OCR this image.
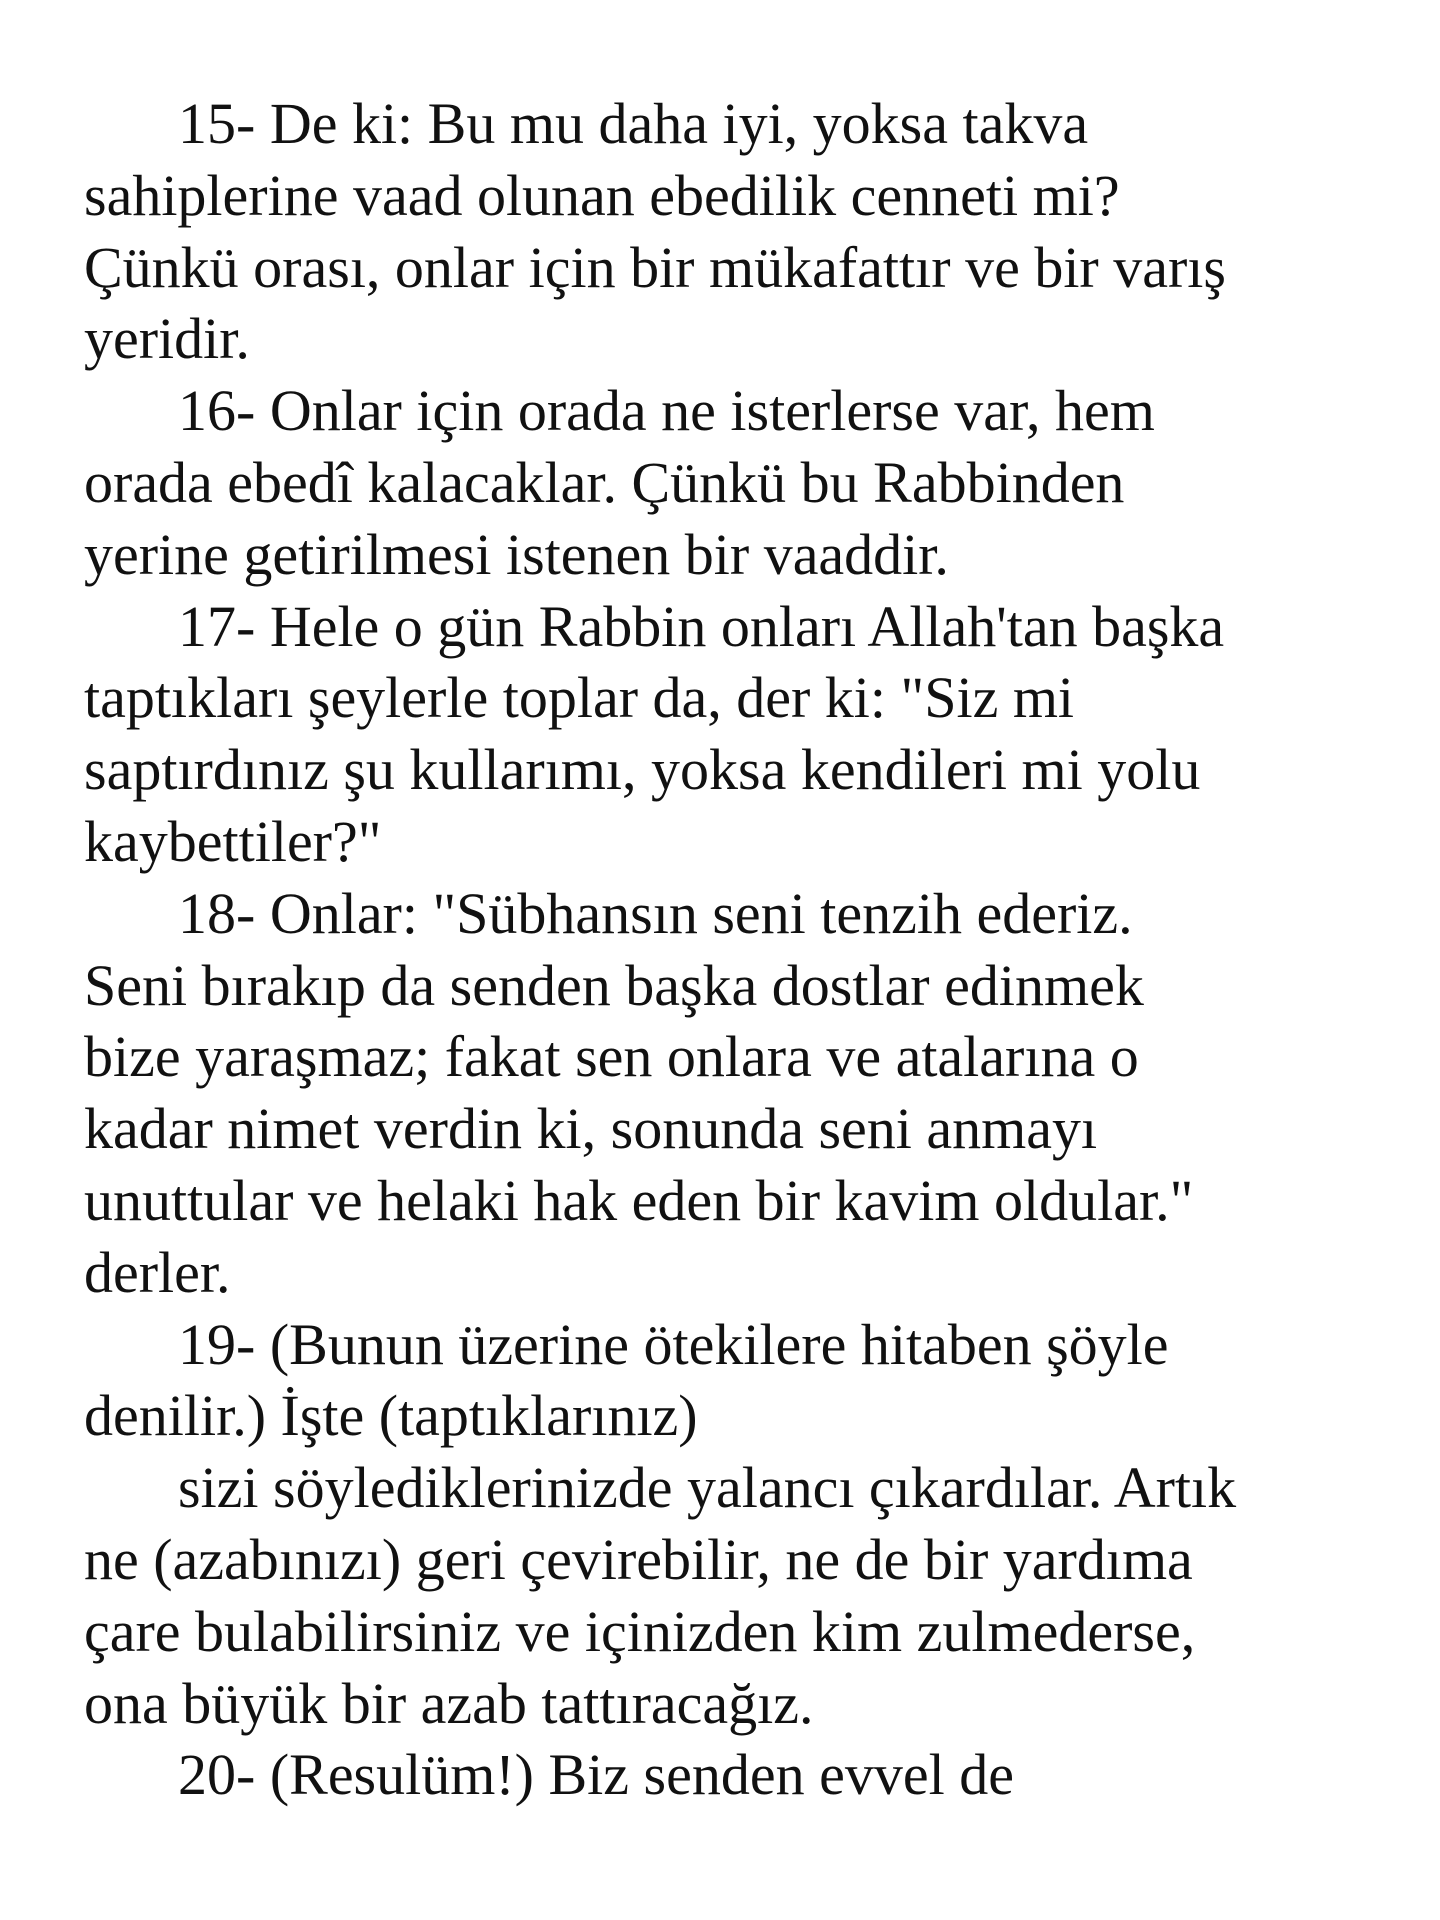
15- De ki: Bu mu daha iyi, yoksa takva
sahiplerine vaad olunan ebedilik cenneti mi?
Çünkü orası, onlar için bir mükafattır ve bir varış
yeridir.
16- Onlar için orada ne isterlerse var, hem
orada ebedî kalacaklar. Çünkü bu Rabbinden
yerine getirilmesi istenen bir vaaddir.
17- Hele o gün Rabbin onları Allah'tan başka
taptıkları şeylerle toplar da, der ki: "Siz mi
saptırdınız şu kullarımı, yoksa kendileri mi yolu
kaybettiler?"
18- Onlar: "Sübhansın seni tenzih ederiz.
Seni bırakıp da senden başka dostlar edinmek
bize yaraşmaz; fakat sen onlara ve atalarına o
kadar nimet verdin ki, sonunda seni anmayı
unuttular ve helaki hak eden bir kavim oldular."
derler.
19- (Bunun üzerine ötekilere hitaben şöyle
denilir.) İşte (taptıklarınız)
sizi söylediklerinizde yalancı çıkardılar. Artık
ne (azabınızı) geri çevirebilir, ne de bir yardıma
çare bulabilirsiniz ve içinizden kim zulmederse,
ona büyük bir azab tattıracağız.
20- (Resulüm!) Biz senden evvel de
